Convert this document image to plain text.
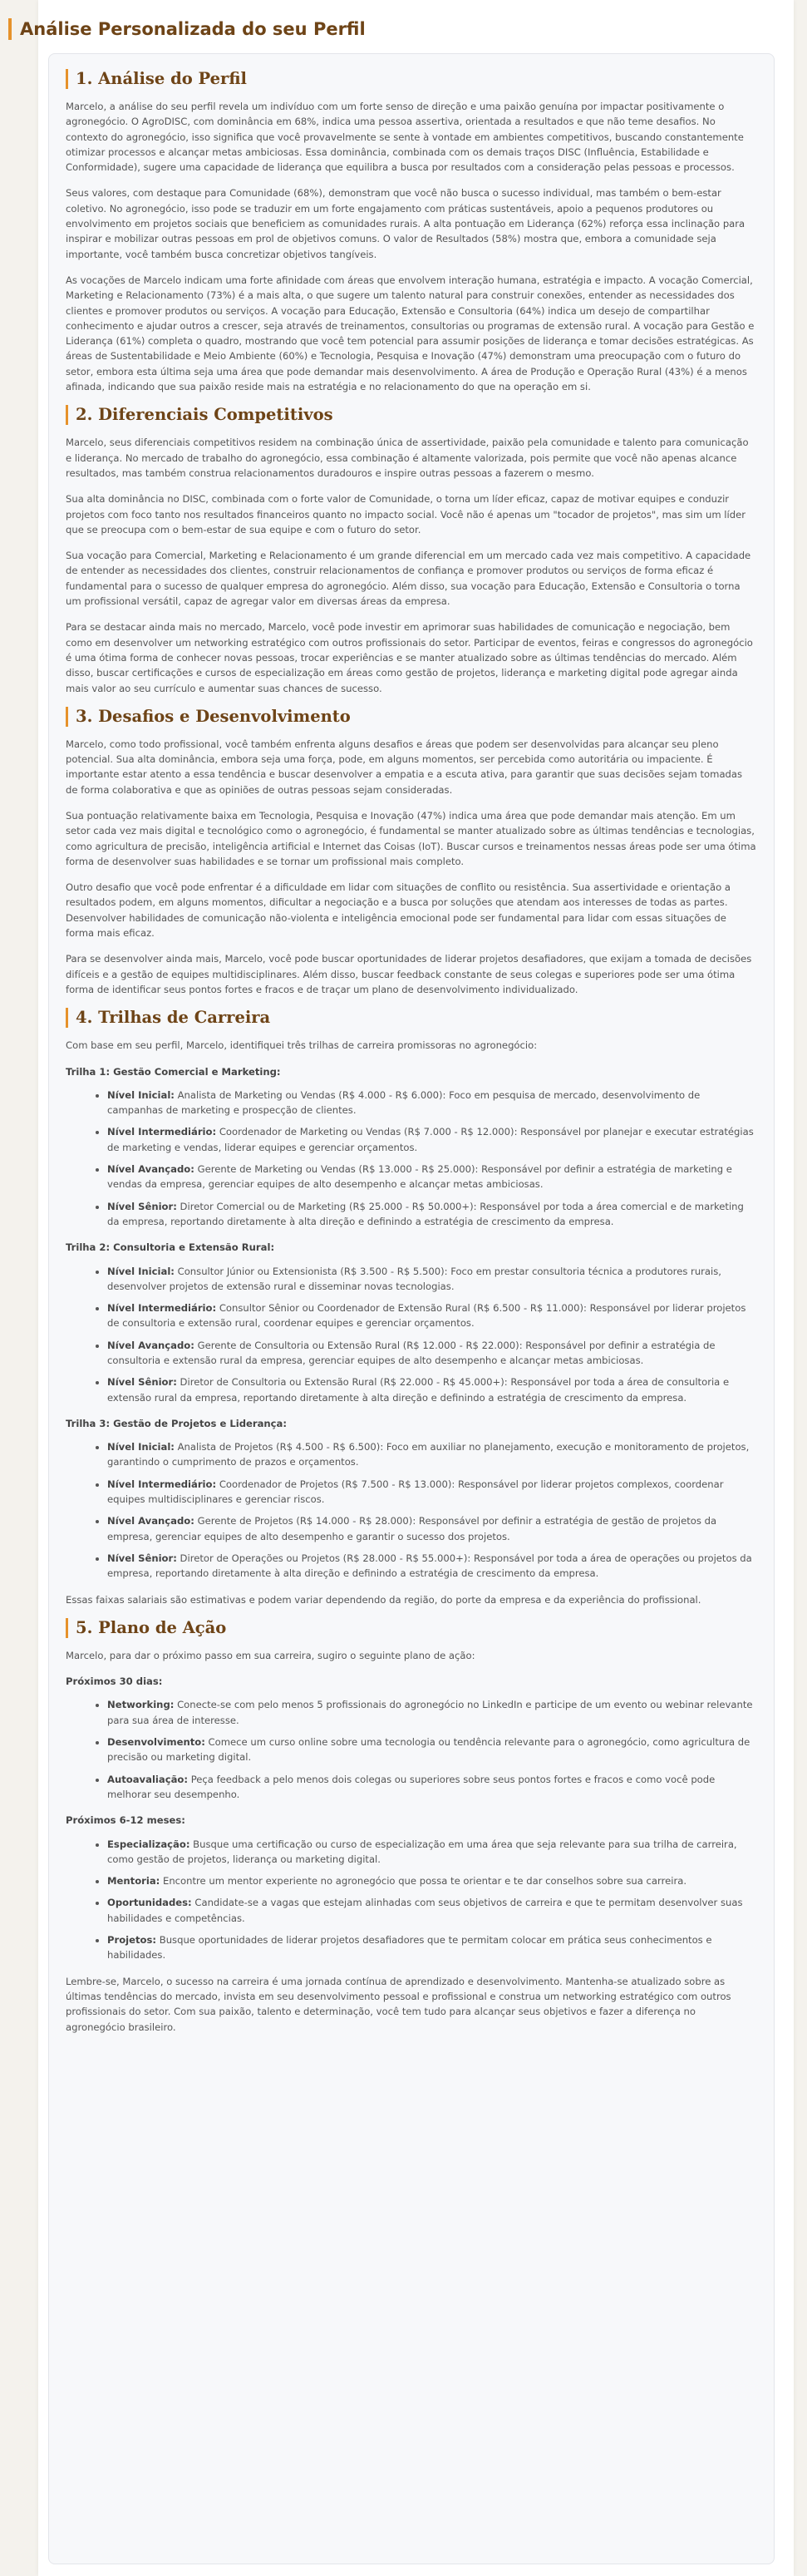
Análise Personalizada do seu Perfil
1. Análise do Perfil

Marcelo, a análise do seu perfil revela um indivíduo com um forte senso de direção e uma paixão genuína por impactar positivamente o agronegócio. O AgroDISC, com dominância em 68%, indica uma pessoa assertiva, orientada a resultados e que não teme desafios. No contexto do agronegócio, isso significa que você provavelmente se sente à vontade em ambientes competitivos, buscando constantemente otimizar processos e alcançar metas ambiciosas. Essa dominância, combinada com os demais traços DISC (Influência, Estabilidade e Conformidade), sugere uma capacidade de liderança que equilibra a busca por resultados com a consideração pelas pessoas e processos.

Seus valores, com destaque para Comunidade (68%), demonstram que você não busca o sucesso individual, mas também o bem-estar coletivo. No agronegócio, isso pode se traduzir em um forte engajamento com práticas sustentáveis, apoio a pequenos produtores ou envolvimento em projetos sociais que beneficiem as comunidades rurais. A alta pontuação em Liderança (62%) reforça essa inclinação para inspirar e mobilizar outras pessoas em prol de objetivos comuns. O valor de Resultados (58%) mostra que, embora a comunidade seja importante, você também busca concretizar objetivos tangíveis.

As vocações de Marcelo indicam uma forte afinidade com áreas que envolvem interação humana, estratégia e impacto. A vocação Comercial, Marketing e Relacionamento (73%) é a mais alta, o que sugere um talento natural para construir conexões, entender as necessidades dos clientes e promover produtos ou serviços. A vocação para Educação, Extensão e Consultoria (64%) indica um desejo de compartilhar conhecimento e ajudar outros a crescer, seja através de treinamentos, consultorias ou programas de extensão rural. A vocação para Gestão e Liderança (61%) completa o quadro, mostrando que você tem potencial para assumir posições de liderança e tomar decisões estratégicas. As áreas de Sustentabilidade e Meio Ambiente (60%) e Tecnologia, Pesquisa e Inovação (47%) demonstram uma preocupação com o futuro do setor, embora esta última seja uma área que pode demandar mais desenvolvimento. A área de Produção e Operação Rural (43%) é a menos afinada, indicando que sua paixão reside mais na estratégia e no relacionamento do que na operação em si.

2. Diferenciais Competitivos

Marcelo, seus diferenciais competitivos residem na combinação única de assertividade, paixão pela comunidade e talento para comunicação e liderança. No mercado de trabalho do agronegócio, essa combinação é altamente valorizada, pois permite que você não apenas alcance resultados, mas também construa relacionamentos duradouros e inspire outras pessoas a fazerem o mesmo.

Sua alta dominância no DISC, combinada com o forte valor de Comunidade, o torna um líder eficaz, capaz de motivar equipes e conduzir projetos com foco tanto nos resultados financeiros quanto no impacto social. Você não é apenas um "tocador de projetos", mas sim um líder que se preocupa com o bem-estar de sua equipe e com o futuro do setor.

Sua vocação para Comercial, Marketing e Relacionamento é um grande diferencial em um mercado cada vez mais competitivo. A capacidade de entender as necessidades dos clientes, construir relacionamentos de confiança e promover produtos ou serviços de forma eficaz é fundamental para o sucesso de qualquer empresa do agronegócio. Além disso, sua vocação para Educação, Extensão e Consultoria o torna um profissional versátil, capaz de agregar valor em diversas áreas da empresa.

Para se destacar ainda mais no mercado, Marcelo, você pode investir em aprimorar suas habilidades de comunicação e negociação, bem como em desenvolver um networking estratégico com outros profissionais do setor. Participar de eventos, feiras e congressos do agronegócio é uma ótima forma de conhecer novas pessoas, trocar experiências e se manter atualizado sobre as últimas tendências do mercado. Além disso, buscar certificações e cursos de especialização em áreas como gestão de projetos, liderança e marketing digital pode agregar ainda mais valor ao seu currículo e aumentar suas chances de sucesso.

3. Desafios e Desenvolvimento

Marcelo, como todo profissional, você também enfrenta alguns desafios e áreas que podem ser desenvolvidas para alcançar seu pleno potencial. Sua alta dominância, embora seja uma força, pode, em alguns momentos, ser percebida como autoritária ou impaciente. É importante estar atento a essa tendência e buscar desenvolver a empatia e a escuta ativa, para garantir que suas decisões sejam tomadas de forma colaborativa e que as opiniões de outras pessoas sejam consideradas.

Sua pontuação relativamente baixa em Tecnologia, Pesquisa e Inovação (47%) indica uma área que pode demandar mais atenção. Em um setor cada vez mais digital e tecnológico como o agronegócio, é fundamental se manter atualizado sobre as últimas tendências e tecnologias, como agricultura de precisão, inteligência artificial e Internet das Coisas (IoT). Buscar cursos e treinamentos nessas áreas pode ser uma ótima forma de desenvolver suas habilidades e se tornar um profissional mais completo.

Outro desafio que você pode enfrentar é a dificuldade em lidar com situações de conflito ou resistência. Sua assertividade e orientação a resultados podem, em alguns momentos, dificultar a negociação e a busca por soluções que atendam aos interesses de todas as partes. Desenvolver habilidades de comunicação não-violenta e inteligência emocional pode ser fundamental para lidar com essas situações de forma mais eficaz.

Para se desenvolver ainda mais, Marcelo, você pode buscar oportunidades de liderar projetos desafiadores, que exijam a tomada de decisões difíceis e a gestão de equipes multidisciplinares. Além disso, buscar feedback constante de seus colegas e superiores pode ser uma ótima forma de identificar seus pontos fortes e fracos e de traçar um plano de desenvolvimento individualizado.

4. Trilhas de Carreira

Com base em seu perfil, Marcelo, identifiquei três trilhas de carreira promissoras no agronegócio:

Trilha 1: Gestão Comercial e Marketing:

• Nível Inicial: Analista de Marketing ou Vendas (R$ 4.000 - R$ 6.000): Foco em pesquisa de mercado, desenvolvimento de campanhas de marketing e prospecção de clientes.
• Nível Intermediário: Coordenador de Marketing ou Vendas (R$ 7.000 - R$ 12.000): Responsável por planejar e executar estratégias de marketing e vendas, liderar equipes e gerenciar orçamentos.
• Nível Avançado: Gerente de Marketing ou Vendas (R$ 13.000 - R$ 25.000): Responsável por definir a estratégia de marketing e vendas da empresa, gerenciar equipes de alto desempenho e alcançar metas ambiciosas.
• Nível Sênior: Diretor Comercial ou de Marketing (R$ 25.000 - R$ 50.000+): Responsável por toda a área comercial e de marketing da empresa, reportando diretamente à alta direção e definindo a estratégia de crescimento da empresa.

Trilha 2: Consultoria e Extensão Rural:

• Nível Inicial: Consultor Júnior ou Extensionista (R$ 3.500 - R$ 5.500): Foco em prestar consultoria técnica a produtores rurais, desenvolver projetos de extensão rural e disseminar novas tecnologias.
• Nível Intermediário: Consultor Sênior ou Coordenador de Extensão Rural (R$ 6.500 - R$ 11.000): Responsável por liderar projetos de consultoria e extensão rural, coordenar equipes e gerenciar orçamentos.
• Nível Avançado: Gerente de Consultoria ou Extensão Rural (R$ 12.000 - R$ 22.000): Responsável por definir a estratégia de consultoria e extensão rural da empresa, gerenciar equipes de alto desempenho e alcançar metas ambiciosas.
• Nível Sênior: Diretor de Consultoria ou Extensão Rural (R$ 22.000 - R$ 45.000+): Responsável por toda a área de consultoria e extensão rural da empresa, reportando diretamente à alta direção e definindo a estratégia de crescimento da empresa.

Trilha 3: Gestão de Projetos e Liderança:

• Nível Inicial: Analista de Projetos (R$ 4.500 - R$ 6.500): Foco em auxiliar no planejamento, execução e monitoramento de projetos, garantindo o cumprimento de prazos e orçamentos.
• Nível Intermediário: Coordenador de Projetos (R$ 7.500 - R$ 13.000): Responsável por liderar projetos complexos, coordenar equipes multidisciplinares e gerenciar riscos.
• Nível Avançado: Gerente de Projetos (R$ 14.000 - R$ 28.000): Responsável por definir a estratégia de gestão de projetos da empresa, gerenciar equipes de alto desempenho e garantir o sucesso dos projetos.
• Nível Sênior: Diretor de Operações ou Projetos (R$ 28.000 - R$ 55.000+): Responsável por toda a área de operações ou projetos da empresa, reportando diretamente à alta direção e definindo a estratégia de crescimento da empresa.

Essas faixas salariais são estimativas e podem variar dependendo da região, do porte da empresa e da experiência do profissional.

5. Plano de Ação

Marcelo, para dar o próximo passo em sua carreira, sugiro o seguinte plano de ação:

Próximos 30 dias:

• Networking: Conecte-se com pelo menos 5 profissionais do agronegócio no LinkedIn e participe de um evento ou webinar relevante para sua área de interesse.
• Desenvolvimento: Comece um curso online sobre uma tecnologia ou tendência relevante para o agronegócio, como agricultura de precisão ou marketing digital.
• Autoavaliação: Peça feedback a pelo menos dois colegas ou superiores sobre seus pontos fortes e fracos e como você pode melhorar seu desempenho.

Próximos 6-12 meses:

• Especialização: Busque uma certificação ou curso de especialização em uma área que seja relevante para sua trilha de carreira, como gestão de projetos, liderança ou marketing digital.
• Mentoria: Encontre um mentor experiente no agronegócio que possa te orientar e te dar conselhos sobre sua carreira.
• Oportunidades: Candidate-se a vagas que estejam alinhadas com seus objetivos de carreira e que te permitam desenvolver suas habilidades e competências.
• Projetos: Busque oportunidades de liderar projetos desafiadores que te permitam colocar em prática seus conhecimentos e habilidades.

Lembre-se, Marcelo, o sucesso na carreira é uma jornada contínua de aprendizado e desenvolvimento. Mantenha-se atualizado sobre as últimas tendências do mercado, invista em seu desenvolvimento pessoal e profissional e construa um networking estratégico com outros profissionais do setor. Com sua paixão, talento e determinação, você tem tudo para alcançar seus objetivos e fazer a diferença no agronegócio brasileiro.
